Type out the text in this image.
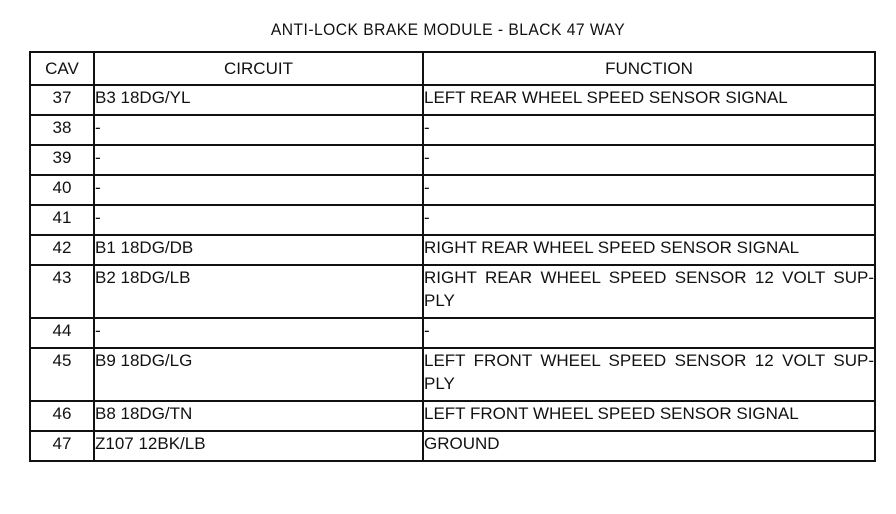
ANTI-LOCK BRAKE MODULE - BLACK 47 WAY
CAV	CIRCUIT	FUNCTION
37	B3 18DG/YL	LEFT REAR WHEEL SPEED SENSOR SIGNAL
38	-	-
39	-	-
40	-	-
41	-	-
42	B1 18DG/DB	RIGHT REAR WHEEL SPEED SENSOR SIGNAL
43	B2 18DG/LB	RIGHT REAR WHEEL SPEED SENSOR 12 VOLT SUP-PLY
44	-	-
45	B9 18DG/LG	LEFT FRONT WHEEL SPEED SENSOR 12 VOLT SUP-PLY
46	B8 18DG/TN	LEFT FRONT WHEEL SPEED SENSOR SIGNAL
47	Z107 12BK/LB	GROUND
